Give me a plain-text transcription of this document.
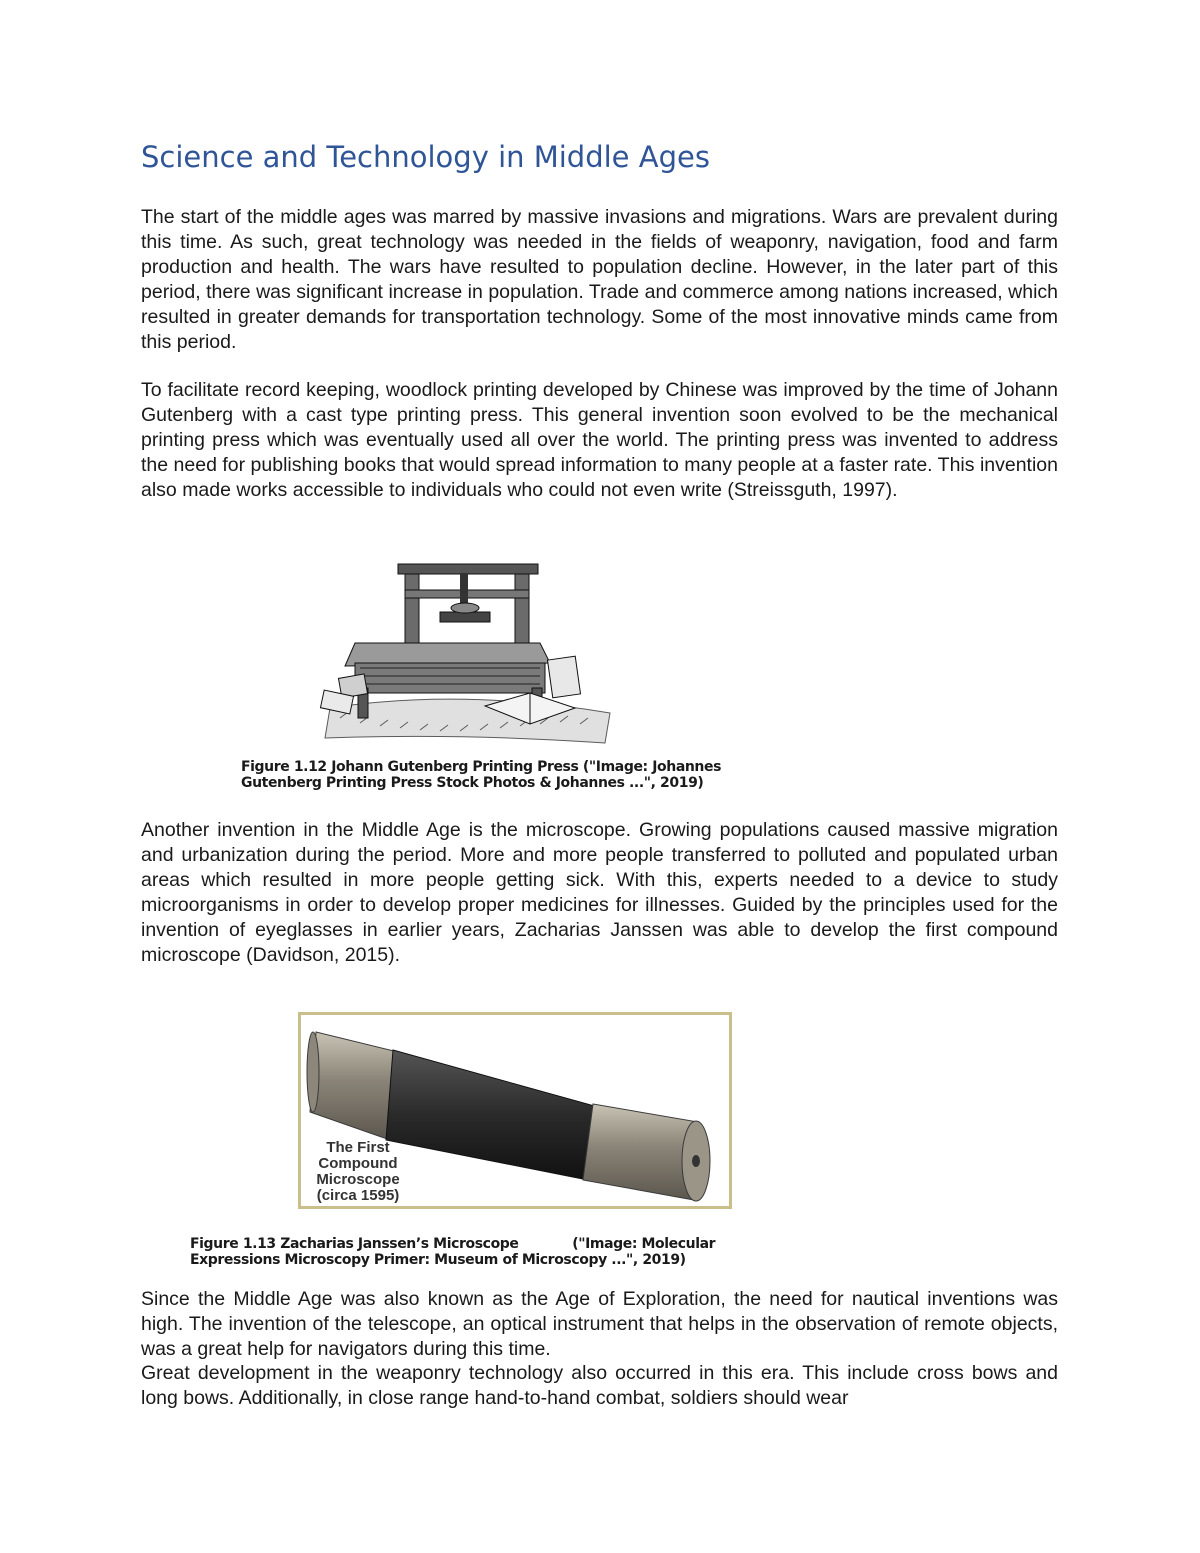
Science and Technology in Middle Ages

The start of the middle ages was marred by massive invasions and migrations. Wars are prevalent during this time. As such, great technology was needed in the fields of weaponry, navigation, food and farm production and health. The wars have resulted to population decline. However, in the later part of this period, there was significant increase in population. Trade and commerce among nations increased, which resulted in greater demands for transportation technology. Some of the most innovative minds came from this period.

To facilitate record keeping, woodlock printing developed by Chinese was improved by the time of Johann Gutenberg with a cast type printing press. This general invention soon evolved to be the mechanical printing press which was eventually used all over the world. The printing press was invented to address the need for publishing books that would spread information to many people at a faster rate. This invention also made works accessible to individuals who could not even write (Streissguth, 1997).

Figure 1.12 Johann Gutenberg Printing Press ("Image: Johannes
Gutenberg Printing Press Stock Photos & Johannes ...", 2019)

Another invention in the Middle Age is the microscope. Growing populations caused massive migration and urbanization during the period. More and more people transferred to polluted and populated urban areas which resulted in more people getting sick. With this, experts needed to a device to study microorganisms in order to develop proper medicines for illnesses. Guided by the principles used for the invention of eyeglasses in earlier years, Zacharias Janssen was able to develop the first compound microscope (Davidson, 2015).

The First
Compound
Microscope
(circa 1595)
Figure 1.13 Zacharias Janssen’s Microscope            ("Image: Molecular
Expressions Microscopy Primer: Museum of Microscopy ...", 2019)

Since the Middle Age was also known as the Age of Exploration, the need for nautical inventions was high. The invention of the telescope, an optical instrument that helps in the observation of remote objects, was a great help for navigators during this time.

Great development in the weaponry technology also occurred in this era. This include cross bows and long bows. Additionally, in close range hand-to-hand combat, soldiers should wear
